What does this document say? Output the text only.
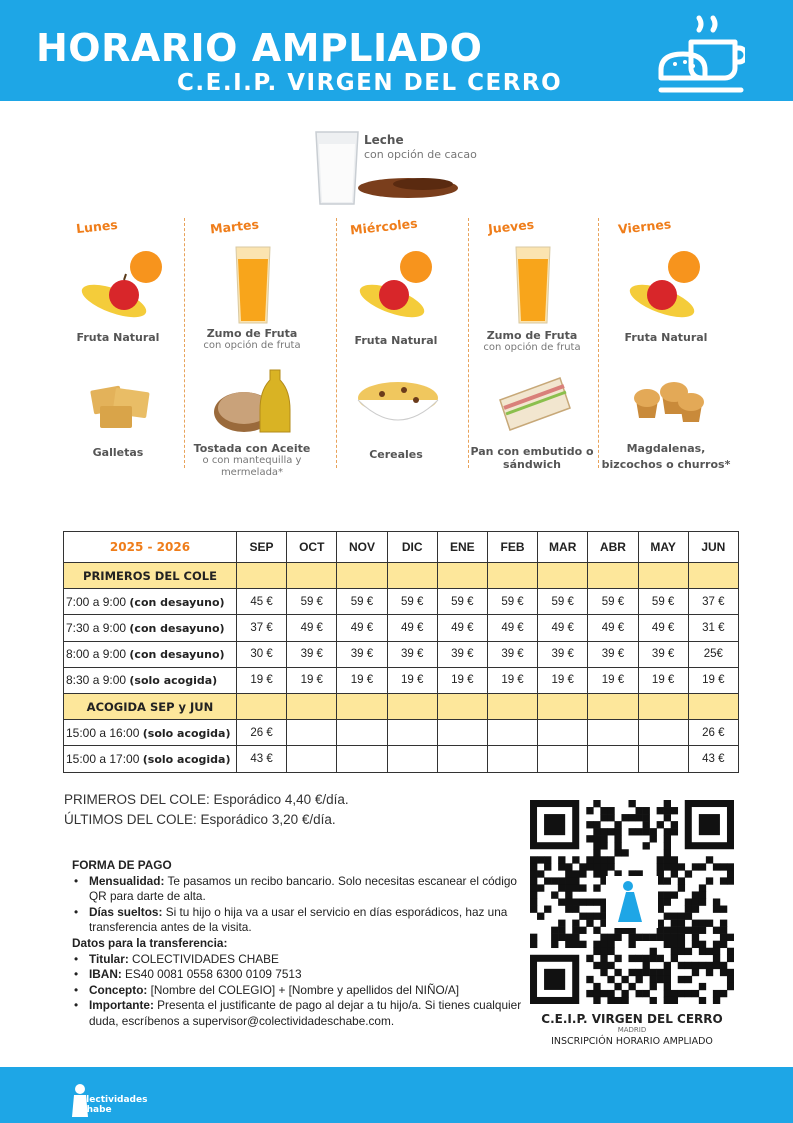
HORARIO AMPLIADO
C.E.I.P. VIRGEN DEL CERRO
Leche
con opción de cacao
Lunes
Fruta Natural
Galletas
Martes
Zumo de Fruta
con opción de fruta
Tostada con Aceite
o con mantequilla y mermelada*
Miércoles
Fruta Natural
Cereales
Jueves
Zumo de Fruta
con opción de fruta
Pan con embutido o sándwich
Viernes
Fruta Natural
Magdalenas, bizcochos o churros*
2025 - 2026	SEP	OCT	NOV	DIC	ENE	FEB	MAR	ABR	MAY	JUN
PRIMEROS DEL COLE										
7:00 a 9:00 (con desayuno)	45 €	59 €	59 €	59 €	59 €	59 €	59 €	59 €	59 €	37 €
7:30 a 9:00 (con desayuno)	37 €	49 €	49 €	49 €	49 €	49 €	49 €	49 €	49 €	31 €
8:00 a 9:00 (con desayuno)	30 €	39 €	39 €	39 €	39 €	39 €	39 €	39 €	39 €	25€
8:30 a 9:00 (solo acogida)	19 €	19 €	19 €	19 €	19 €	19 €	19 €	19 €	19 €	19 €
ACOGIDA SEP y JUN										
15:00 a 16:00 (solo acogida)	26 €									26 €
15:00 a 17:00 (solo acogida)	43 €									43 €
PRIMEROS DEL COLE: Esporádico 4,40 €/día.
ÚLTIMOS DEL COLE: Esporádico 3,20 €/día.
FORMA DE PAGO
• Mensualidad: Te pasamos un recibo bancario. Solo necesitas escanear el código QR para darte de alta.
• Días sueltos: Si tu hijo o hija va a usar el servicio en días esporádicos, haz una transferencia antes de la visita.
Datos para la transferencia:
• Titular: COLECTIVIDADES CHABE
• IBAN: ES40 0081 0558 6300 0109 7513
• Concepto: [Nombre del COLEGIO] + [Nombre y apellidos del NIÑO/A]
• Importante: Presenta el justificante de pago al dejar a tu hijo/a. Si tienes cualquier duda, escríbenos a supervisor@colectividadeschabe.com.	C.E.I.P. VIRGEN DEL CERRO
MADRID
INSCRIPCIÓN HORARIO AMPLIADO
olectividades
Chabe
